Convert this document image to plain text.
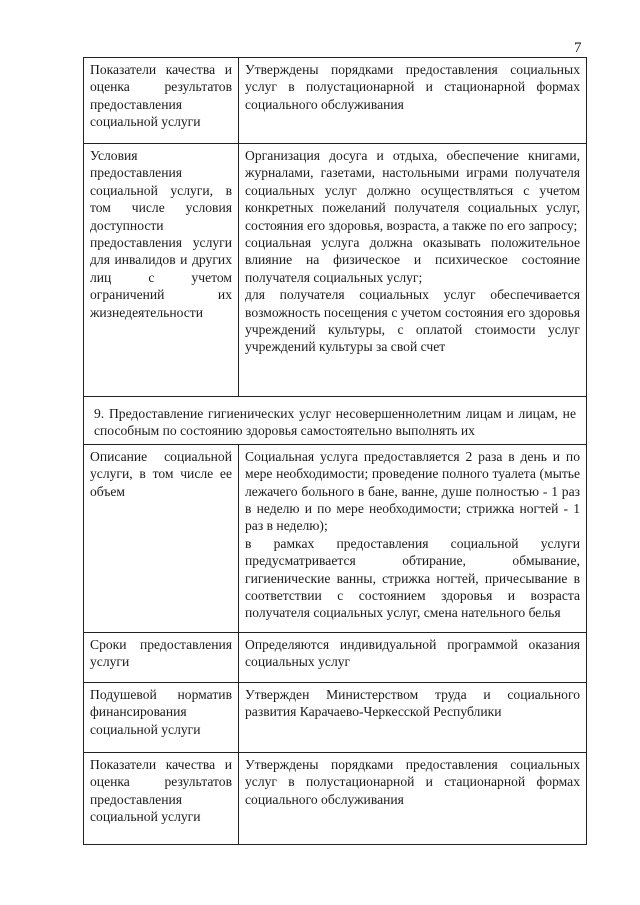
7
Показатели качества и оценка результатов предоставления социальной услуги	Утверждены порядками предоставления социальных услуг в полустационарной и стационарной формах социального обслуживания

Условия предоставления социальной услуги, в том числе условия доступности предоставления услуги для инвалидов и других лиц с учетом ограничений их жизнедеятельности	Организация досуга и отдыха, обеспечение книгами, журналами, газетами, настольными играми получателя социальных услуг должно осуществляться с учетом конкретных пожеланий получателя социальных услуг, состояния его здоровья, возраста, а также по его запросу;
социальная услуга должна оказывать положительное влияние на физическое и психическое состояние получателя социальных услуг;
для получателя социальных услуг обеспечивается возможность посещения с учетом состояния его здоровья учреждений культуры, с оплатой стоимости услуг учреждений культуры за свой счет

9. Предоставление гигиенических услуг несовершеннолетним лицам и лицам, не способным по состоянию здоровья самостоятельно выполнять их	
Описание социальной услуги, в том числе ее объем	Социальная услуга предоставляется 2 раза в день и по мере необходимости; проведение полного туалета (мытье лежачего больного в бане, ванне, душе полностью - 1 раз в неделю и по мере необходимости; стрижка ногтей - 1 раз в неделю);
в рамках предоставления социальной услуги предусматривается обтирание, обмывание, гигиенические ванны, стрижка ногтей, причесывание в соответствии с состоянием здоровья и возраста получателя социальных услуг, смена нательного белья

Сроки предоставления услуги	Определяются индивидуальной программой оказания социальных услуг

Подушевой норматив финансирования социальной услуги	Утвержден Министерством труда и социального развития Карачаево-Черкесской Республики

Показатели качества и оценка результатов предоставления социальной услуги	Утверждены порядками предоставления социальных услуг в полустационарной и стационарной формах социального обслуживания
